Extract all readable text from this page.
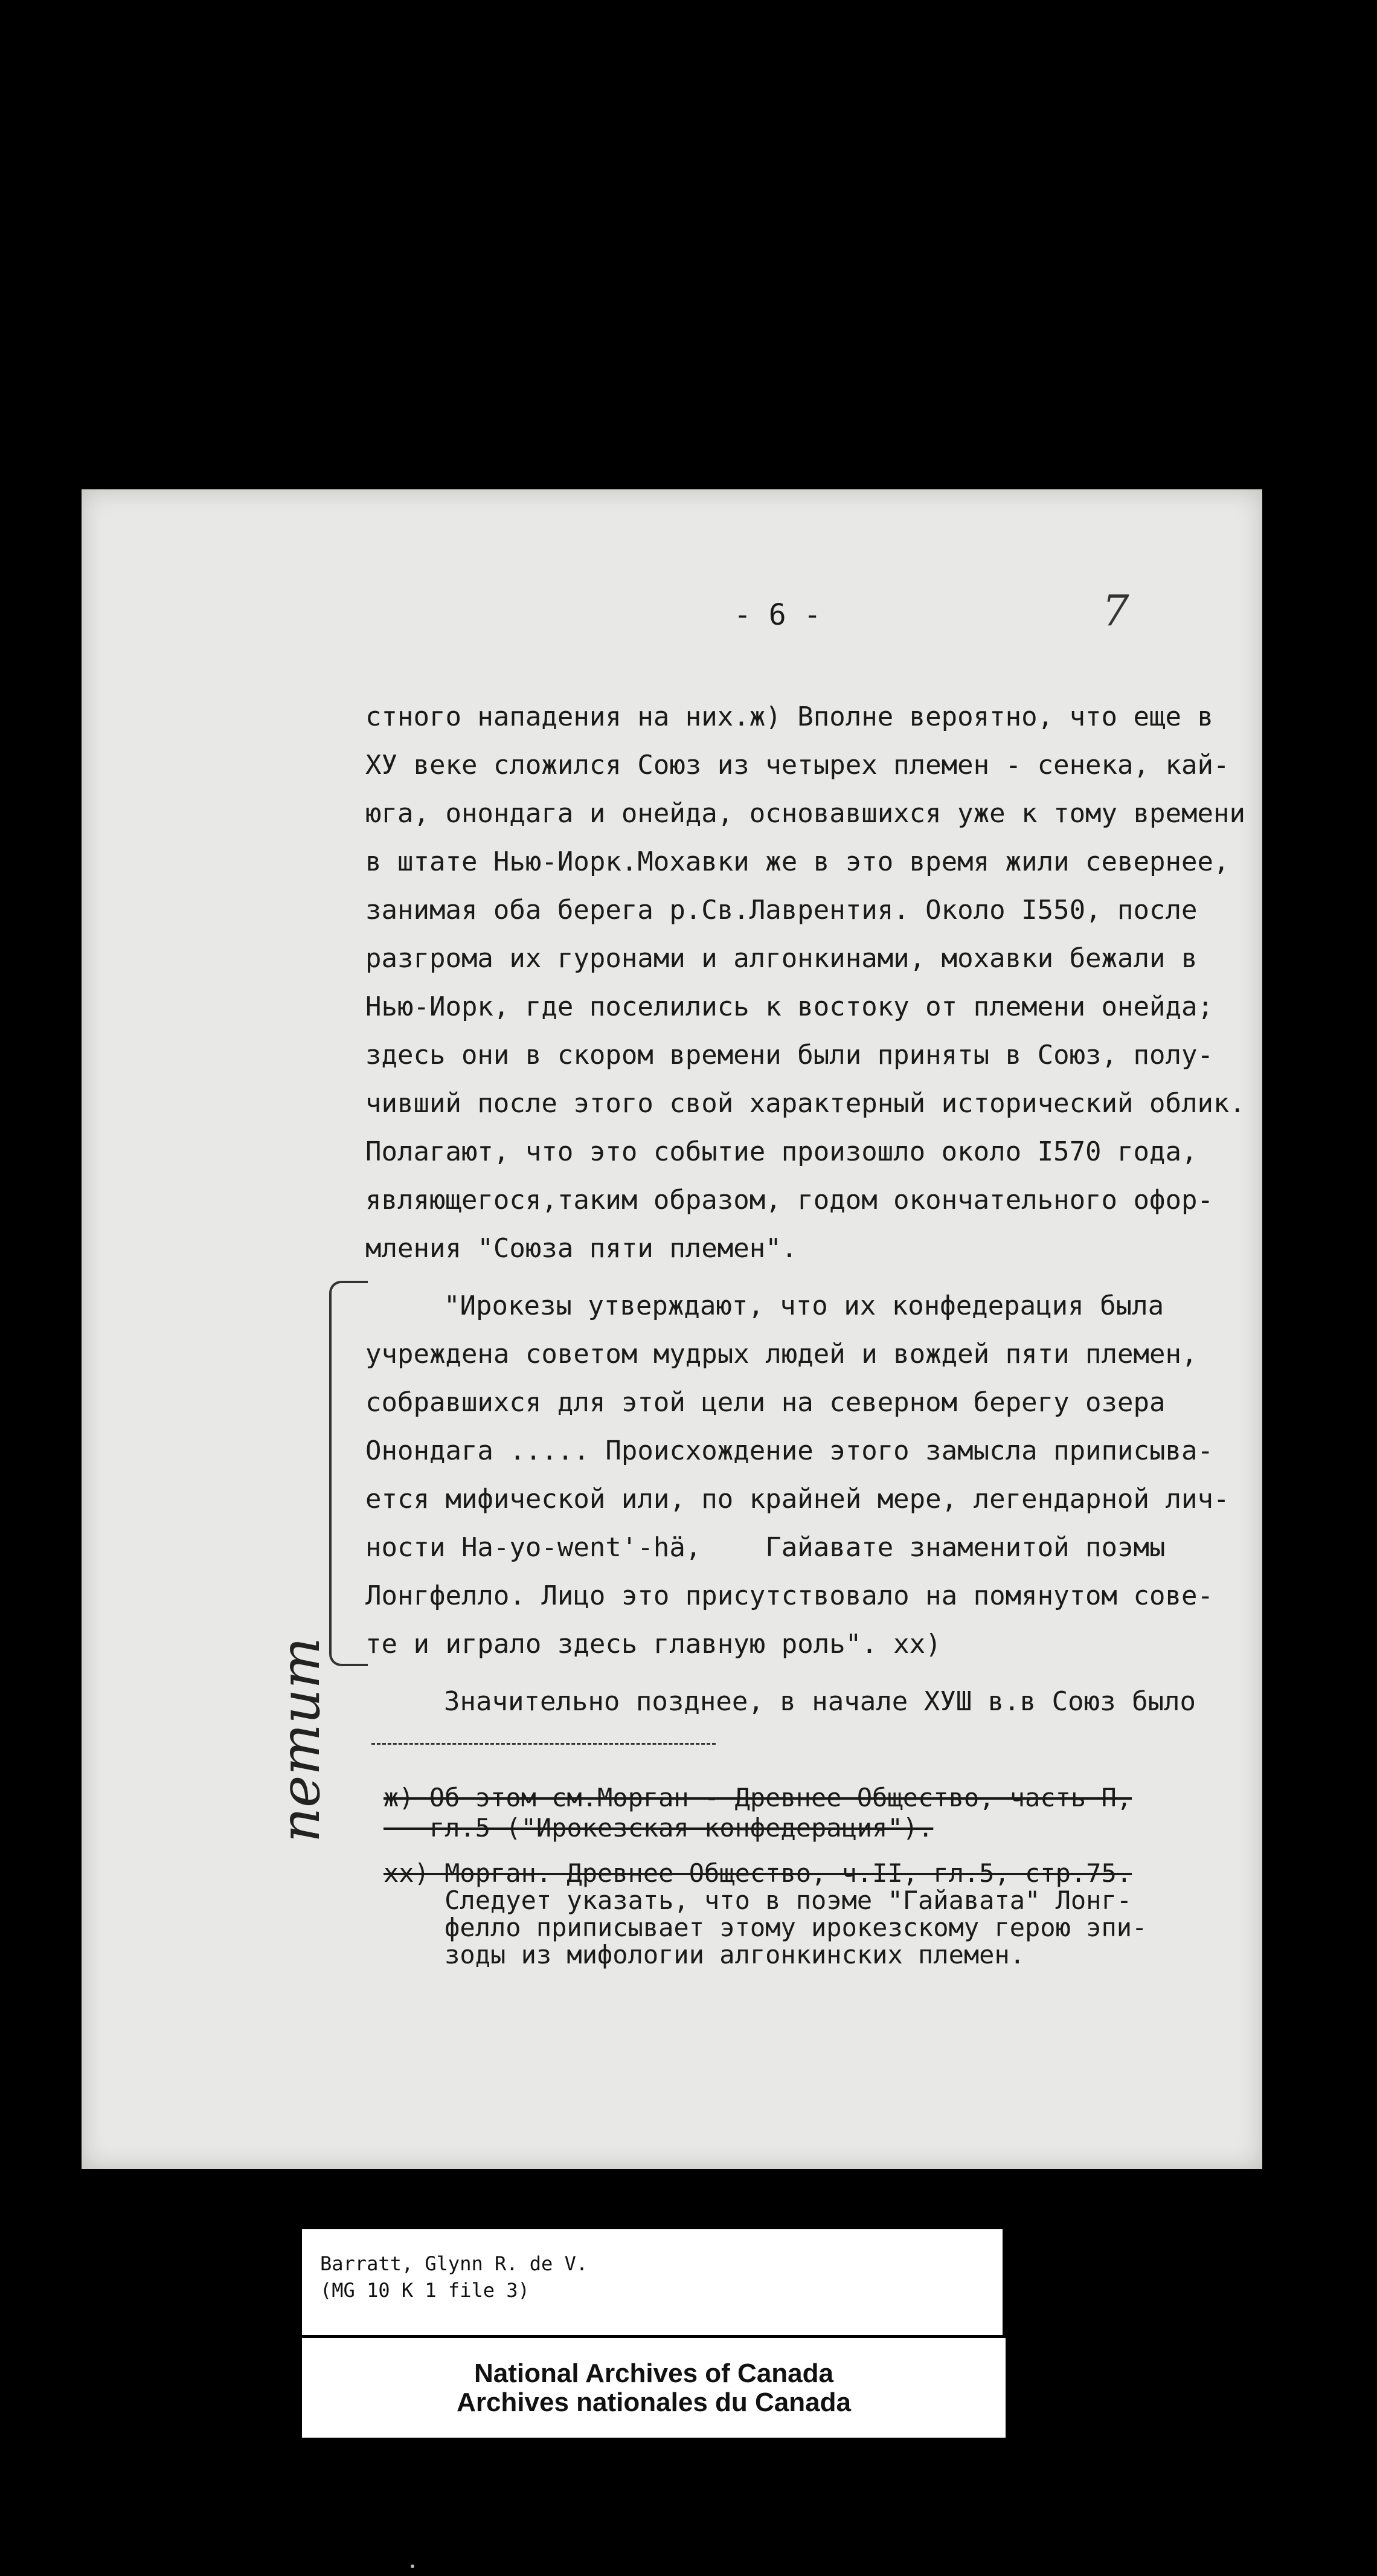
- 6 -	7
стного нападения на них.ж) Вполне вероятно, что еще в
ХУ веке сложился Союз из четырех племен - сенека, кай-
юга, онондага и онейда, основавшихся уже к тому времени
в штате Нью-Иорк.Мохавки же в это время жили севернее,
занимая оба берега р.Св.Лаврентия. Около I550, после
разгрома их гуронами и алгонкинами, мохавки бежали в
Нью-Иорк, где поселились к востоку от племени онейда;
здесь они в скором времени были приняты в Союз, полу-
чивший после этого свой характерный исторический облик.
Полагают, что это событие произошло около I570 года,
являющегося,таким образом, годом окончательного офор-
мления "Союза пяти племен".
петит
"Ирокезы утверждают, что их конфедерация была
учреждена советом мудрых людей и вождей пяти племен,
собравшихся для этой цели на северном берегу озера
Онондага ..... Происхождение этого замысла приписыва-
ется мифической или, по крайней мере, легендарной лич-
ности Ha-yo-went'-hä,    Гайавате знаменитой поэмы
Лонгфелло. Лицо это присутствовало на помянутом сове-
те и играло здесь главную роль". хх)
Значительно позднее, в начале ХУШ в.в Союз было
ж) Об этом см.Морган - Древнее Общество, часть П,
гл.5 ("Ирокезская конфедерация").
хх) Морган. Древнее Общество, ч.II, гл.5, стр.75.
Следует указать, что в поэме "Гайавата" Лонг-
фелло приписывает этому ирокезскому герою эпи-
зоды из мифологии алгонкинских племен.
Barratt, Glynn R. de V.
(MG 10 K 1 file 3)
National Archives of Canada
Archives nationales du Canada
